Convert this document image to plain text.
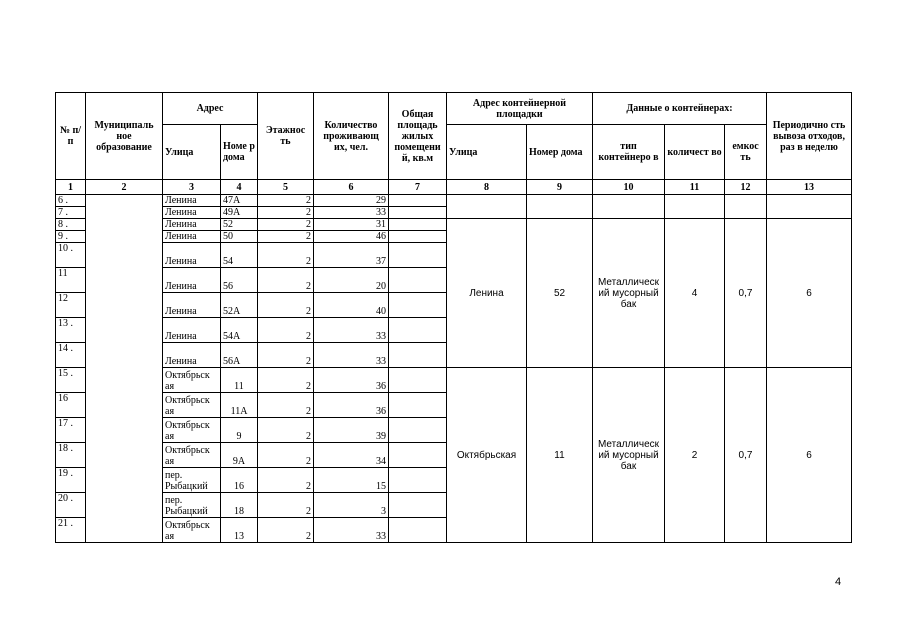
№ п/ п	Муниципаль ное образование	Адрес		Этажнос ть	Количество проживающ их, чел.	Общая площадь жилых помещени й, кв.м	Адрес контейнерной площадки		Данные о контейнерах:			Периодично сть вывоза отходов, раз в неделю
		Улица	Номе р дома				Улица	Номер дома	тип контейнеро в	количест во	емкос ть	
1	2	3	4	5	6	7	8	9	10	11	12	13
6 .		Ленина	47А	2	29							
7 .		Ленина	49А	2	33							
8 .		Ленина	52	2	31		Ленина	52	Металлическ ий мусорный бак	4	0,7	6
9 .		Ленина	50	2	46							
10 .		Ленина	54	2	37							
11		Ленина	56	2	20							
12		Ленина	52А	2	40							
13 .		Ленина	54А	2	33							
14 .		Ленина	56А	2	33							
15 .		Октябрьск ая	11	2	36		Октябрьская	11	Металлическ ий мусорный бак	2	0,7	6
16		Октябрьск ая	11А	2	36							
17 .		Октябрьск ая	9	2	39							
18 .		Октябрьск ая	9А	2	34							
19 .		пер. Рыбацкий	16	2	15							
20 .		пер. Рыбацкий	18	2	3							
21 .		Октябрьск ая	13	2	33							
4
